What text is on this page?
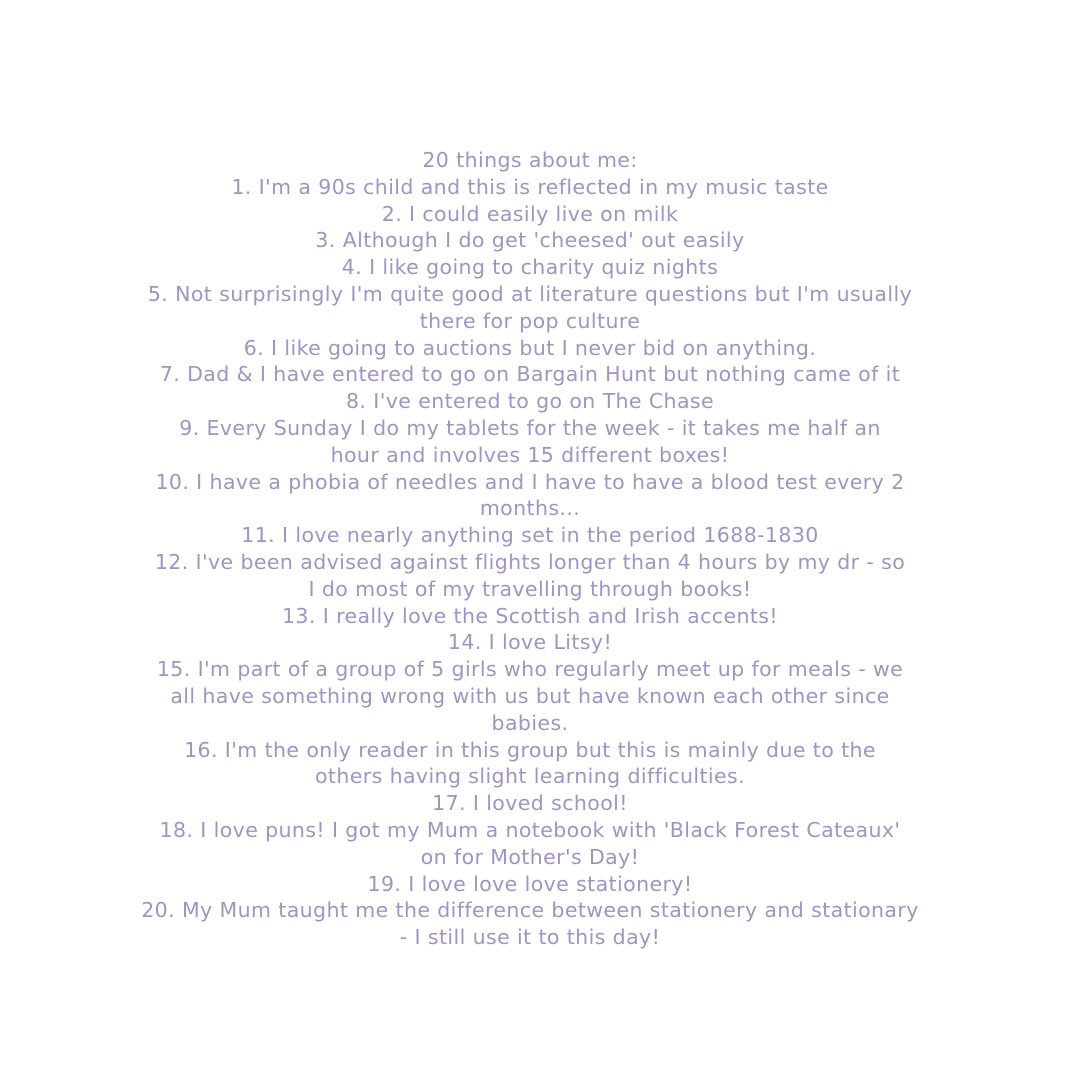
20 things about me:
1. I'm a 90s child and this is reflected in my music taste
2. I could easily live on milk
3. Although I do get 'cheesed' out easily
4. I like going to charity quiz nights
5. Not surprisingly I'm quite good at literature questions but I'm usually
there for pop culture
6. I like going to auctions but I never bid on anything.
7. Dad & I have entered to go on Bargain Hunt but nothing came of it
8. I've entered to go on The Chase
9. Every Sunday I do my tablets for the week - it takes me half an
hour and involves 15 different boxes!
10. I have a phobia of needles and I have to have a blood test every 2
months...
11. I love nearly anything set in the period 1688-1830
12. I've been advised against flights longer than 4 hours by my dr - so
I do most of my travelling through books!
13. I really love the Scottish and Irish accents!
14. I love Litsy!
15. I'm part of a group of 5 girls who regularly meet up for meals - we
all have something wrong with us but have known each other since
babies.
16. I'm the only reader in this group but this is mainly due to the
others having slight learning difficulties.
17. I loved school!
18. I love puns! I got my Mum a notebook with 'Black Forest Cateaux'
on for Mother's Day!
19. I love love love stationery!
20. My Mum taught me the difference between stationery and stationary
- I still use it to this day!
